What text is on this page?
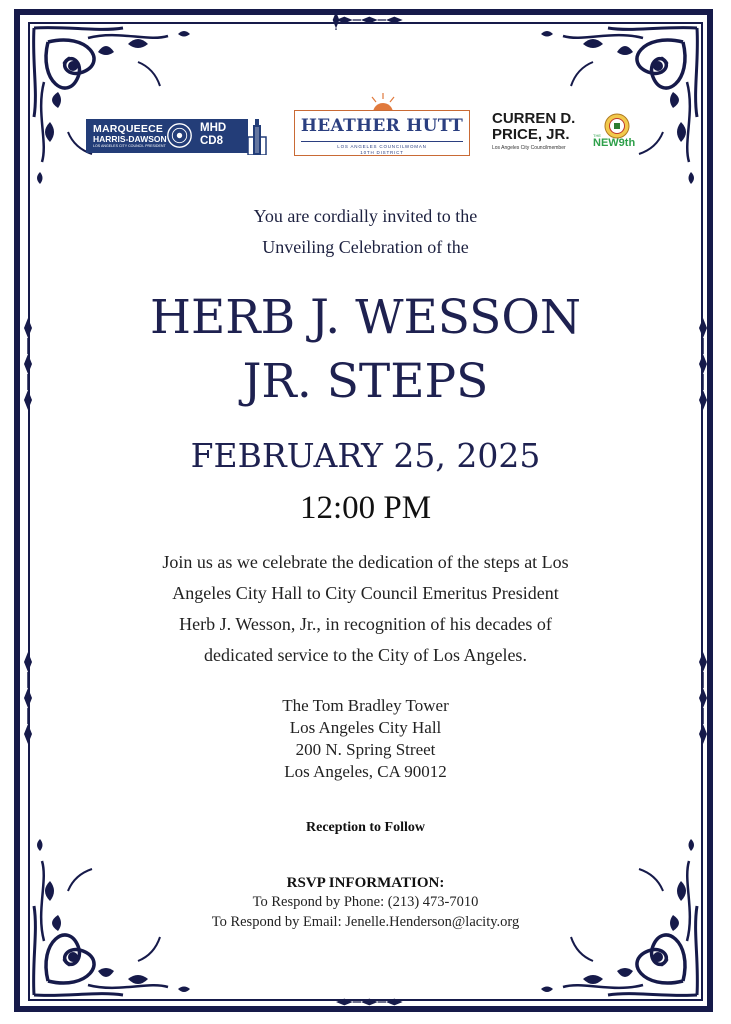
MARQUEECE
HARRIS-DAWSON
LOS ANGELES CITY COUNCIL PRESIDENT
MHD
CD8
HEATHER HUTT
LOS ANGELES COUNCILWOMAN
10TH DISTRICT
CURREN D.
PRICE, JR.
Los Angeles City Councilmember
THE
NEW9th
You are cordially invited to the
Unveiling Celebration of the
HERB J. WESSON
JR. STEPS
FEBRUARY 25, 2025
12:00 PM
Join us as we celebrate the dedication of the steps at Los
Angeles City Hall to City Council Emeritus President
Herb J. Wesson, Jr., in recognition of his decades of
dedicated service to the City of Los Angeles.
The Tom Bradley Tower
Los Angeles City Hall
200 N. Spring Street
Los Angeles, CA 90012
Reception to Follow
RSVP INFORMATION:
To Respond by Phone: (213) 473-7010
To Respond by Email: Jenelle.Henderson@lacity.org
